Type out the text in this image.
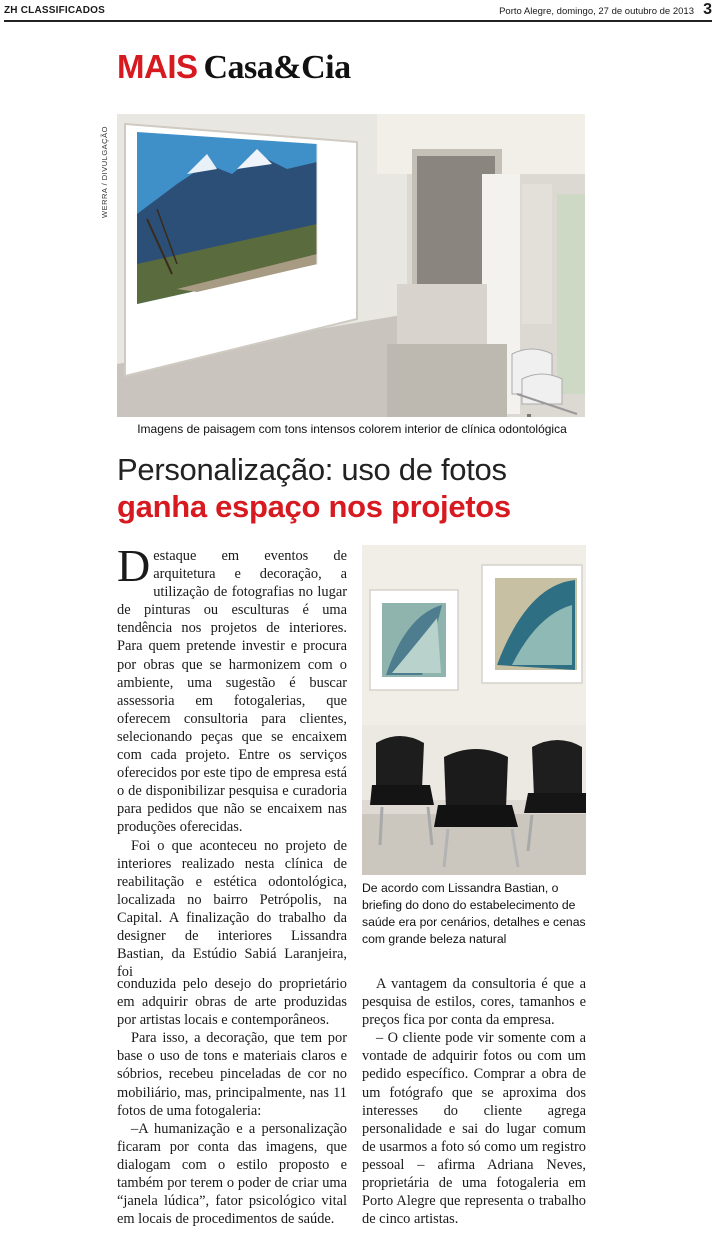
ZH CLASSIFICADOS	Porto Alegre, domingo, 27 de outubro de 2013 3
MAIS Casa&Cia
WERRA / DIVULGAÇÃO
Imagens de paisagem com tons intensos colorem interior de clínica odontológica
Personalização: uso de fotos
ganha espaço nos projetos

Destaque em eventos de arquitetura e decoração, a utilização de fotografias no lugar de pinturas ou esculturas é uma tendência nos projetos de interiores. Para quem pretende investir e procura por obras que se harmonizem com o ambiente, uma sugestão é buscar assessoria em fotogalerias, que oferecem consultoria para clientes, selecionando peças que se encaixem com cada projeto. Entre os serviços oferecidos por este tipo de empresa está o de disponibilizar pesquisa e curadoria para pedidos que não se encaixem nas produções oferecidas.

Foi o que aconteceu no projeto de interiores realizado nesta clínica de reabilitação e estética odontológica, localizada no bairro Petrópolis, na Capital. A finalização do trabalho da designer de interiores Lissandra Bastian, da Estúdio Sabiá Laranjeira, foi

De acordo com Lissandra Bastian, o briefing do dono do estabelecimento de saúde era por cenários, detalhes e cenas com grande beleza natural

conduzida pelo desejo do proprietário em adquirir obras de arte produzidas por artistas locais e contemporâneos.

Para isso, a decoração, que tem por base o uso de tons e materiais claros e sóbrios, recebeu pinceladas de cor no mobiliário, mas, principalmente, nas 11 fotos de uma fotogaleria:

–A humanização e a personalização ficaram por conta das imagens, que dialogam com o estilo proposto e também por terem o poder de criar uma “janela lúdica”, fator psicológico vital em locais de procedimentos de saúde.

A vantagem da consultoria é que a pesquisa de estilos, cores, tamanhos e preços fica por conta da empresa.

– O cliente pode vir somente com a vontade de adquirir fotos ou com um pedido específico. Comprar a obra de um fotógrafo que se aproxima dos interesses do cliente agrega personalidade e sai do lugar comum de usarmos a foto só como um registro pessoal – afirma Adriana Neves, proprietária de uma fotogaleria em Porto Alegre que representa o trabalho de cinco artistas.
